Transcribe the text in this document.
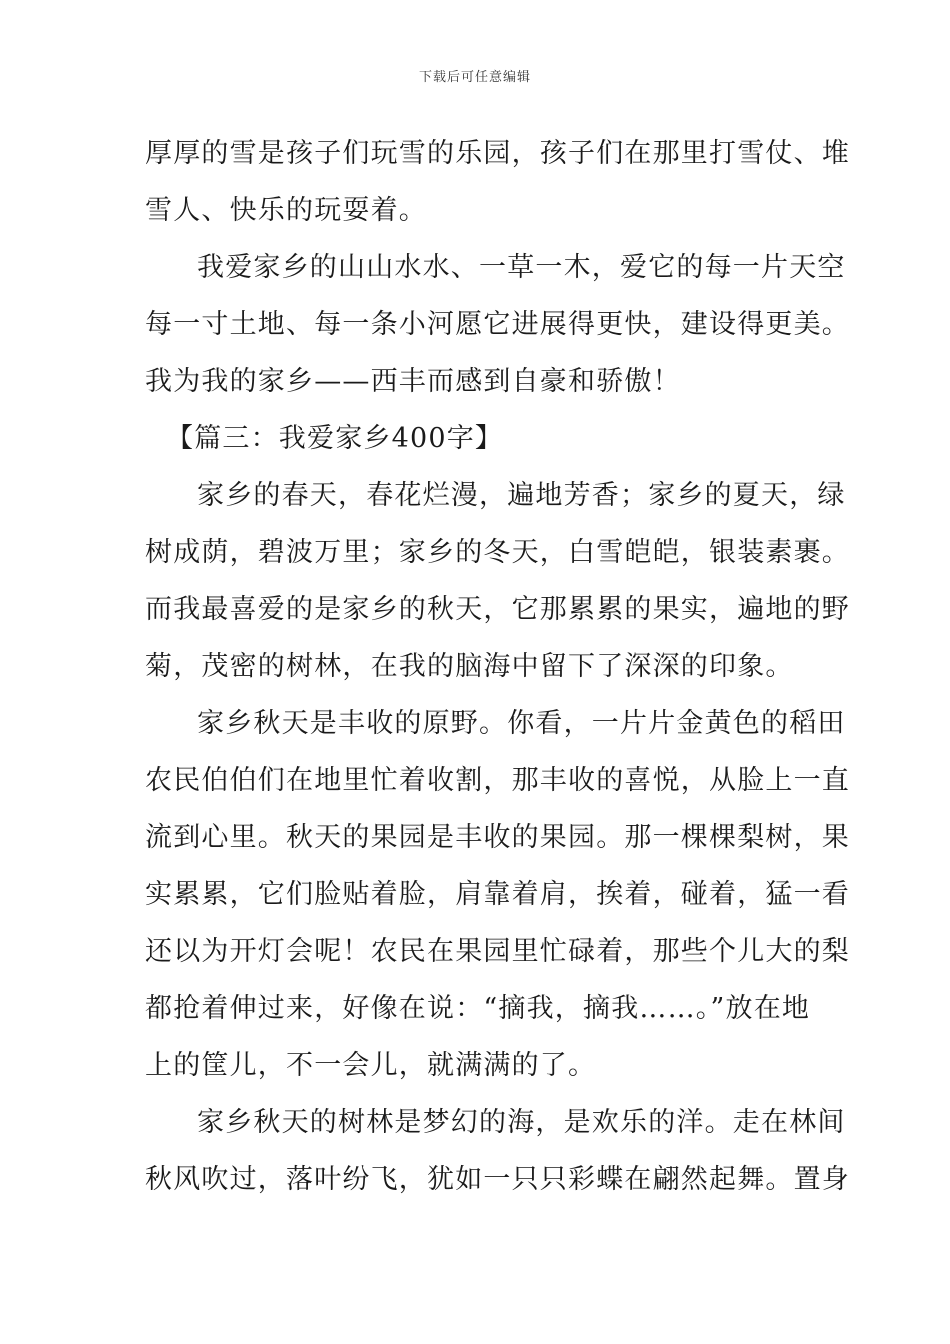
下载后可任意编辑
厚厚的雪是孩子们玩雪的乐园，孩子们在那里打雪仗、堆
雪人、快乐的玩耍着。
我爱家乡的山山水水、一草一木，爱它的每一片天空
每一寸土地、每一条小河愿它进展得更快，建设得更美。
我为我的家乡——西丰而感到自豪和骄傲！
【篇三：我爱家乡400字】
家乡的春天，春花烂漫，遍地芳香；家乡的夏天，绿
树成荫，碧波万里；家乡的冬天，白雪皑皑，银装素裹。
而我最喜爱的是家乡的秋天，它那累累的果实，遍地的野
菊，茂密的树林，在我的脑海中留下了深深的印象。
家乡秋天是丰收的原野。你看，一片片金黄色的稻田
农民伯伯们在地里忙着收割，那丰收的喜悦，从脸上一直
流到心里。秋天的果园是丰收的果园。那一棵棵梨树，果
实累累，它们脸贴着脸，肩靠着肩，挨着，碰着，猛一看
还以为开灯会呢！农民在果园里忙碌着，那些个儿大的梨
都抢着伸过来，好像在说：“摘我，摘我……。”放在地
上的筐儿，不一会儿，就满满的了。
家乡秋天的树林是梦幻的海，是欢乐的洋。走在林间
秋风吹过，落叶纷飞，犹如一只只彩蝶在翩然起舞。置身
